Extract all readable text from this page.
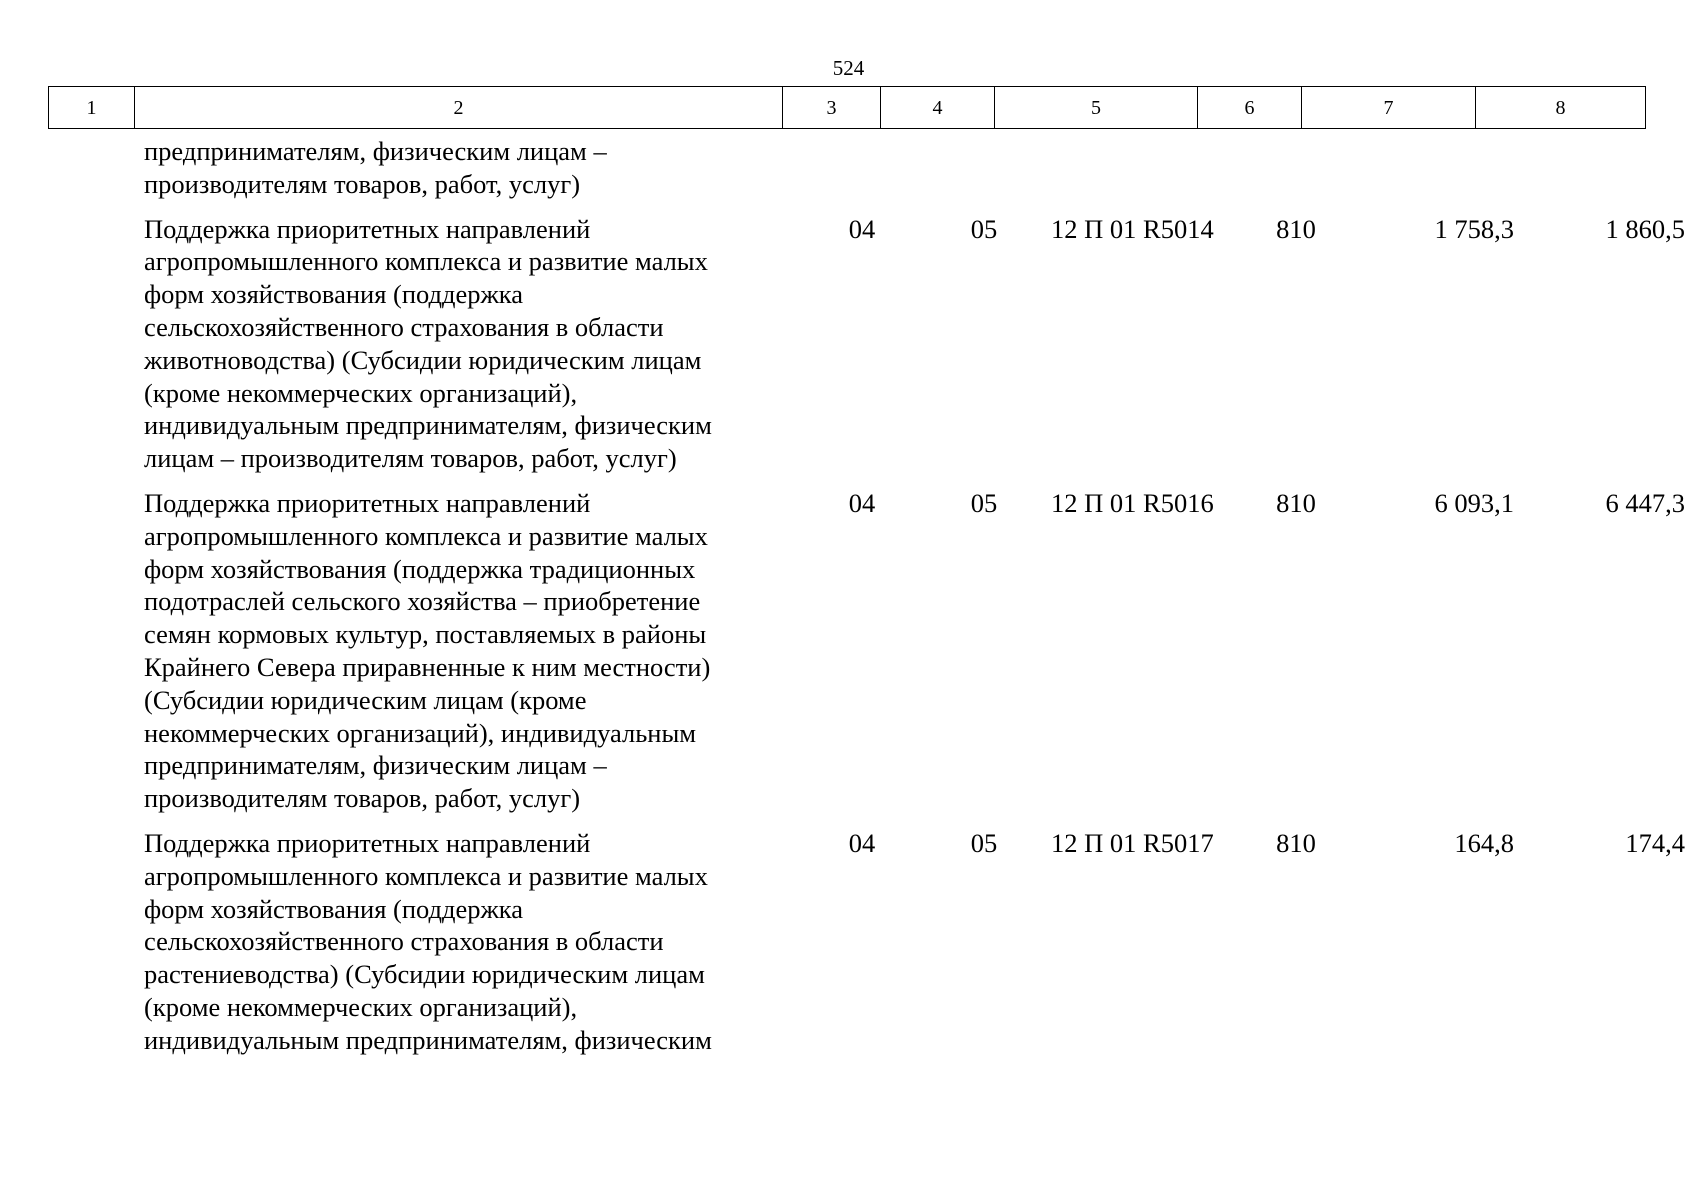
524
1	2	3	4	5	6	7	8
предпринимателям, физическим лицам –
производителям товаров, работ, услуг)
Поддержка приоритетных направлений
агропромышленного комплекса и развитие малых
форм хозяйствования (поддержка
сельскохозяйственного страхования в области
животноводства) (Субсидии юридическим лицам
(кроме некоммерческих организаций),
индивидуальным предпринимателям, физическим
лицам – производителям товаров, работ, услуг)
04	05	12 П 01 R5014	810	1 758,3	1 860,5
Поддержка приоритетных направлений
агропромышленного комплекса и развитие малых
форм хозяйствования (поддержка традиционных
подотраслей сельского хозяйства – приобретение
семян кормовых культур, поставляемых в районы
Крайнего Севера приравненные к ним местности)
(Субсидии юридическим лицам (кроме
некоммерческих организаций), индивидуальным
предпринимателям, физическим лицам –
производителям товаров, работ, услуг)
04	05	12 П 01 R5016	810	6 093,1	6 447,3
Поддержка приоритетных направлений
агропромышленного комплекса и развитие малых
форм хозяйствования (поддержка
сельскохозяйственного страхования в области
растениеводства) (Субсидии юридическим лицам
(кроме некоммерческих организаций),
индивидуальным предпринимателям, физическим
04	05	12 П 01 R5017	810	164,8	174,4
